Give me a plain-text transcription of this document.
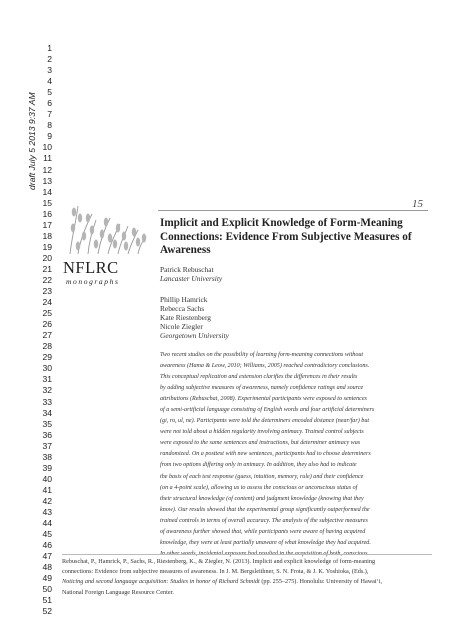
1
2
3
4
5
6
7
8
9
10
11
12
13
14
15
16
17
18
19
20
21
22
23
24
25
26
27
28
29
30
31
32
33
34
35
36
37
38
39
40
41
42
43
44
45
46
47
48
49
50
51
52
draft July 5 2013 9:37 AM
15
Implicit and Explicit Knowledge of Form-Meaning Connections: Evidence From Subjective Measures of Awareness
Patrick Rebuschat
Lancaster University
Phillip Hamrick
Rebecca Sachs
Kate Riestenberg
Nicole Ziegler
Georgetown University
NFLRC
monographs
Two recent studies on the possibility of learning form-meaning connections without
awareness (Hama & Leow, 2010; Williams, 2005) reached contradictory conclusions.
This conceptual replication and extension clarifies the differences in their results
by adding subjective measures of awareness, namely confidence ratings and source
attributions (Rebuschat, 2008). Experimental participants were exposed to sentences
of a semi-artificial language consisting of English words and four artificial determiners
(gi, ro, ul, ne). Participants were told the determiners encoded distance (near/far) but
were not told about a hidden regularity involving animacy. Trained control subjects
were exposed to the same sentences and instructions, but determiner animacy was
randomized. On a posttest with new sentences, participants had to choose determiners
from two options differing only in animacy. In addition, they also had to indicate
the basis of each test response (guess, intuition, memory, rule) and their confidence
(on a 4-point scale), allowing us to assess the conscious or unconscious status of
their structural knowledge (of content) and judgment knowledge (knowing that they
know). Our results showed that the experimental group significantly outperformed the
trained controls in terms of overall accuracy. The analysis of the subjective measures
of awareness further showed that, while participants were aware of having acquired
knowledge, they were at least partially unaware of what knowledge they had acquired.
In other words, incidental exposure had resulted in the acquisition of both, conscious
Rebuschat, P., Hamrick, P., Sachs, R., Riestenberg, K., & Ziegler, N. (2013). Implicit and explicit knowledge of form-meaning
connections: Evidence from subjective measures of awareness. In J. M. Bergsleithner, S. N. Frota, & J. K. Yoshioka, (Eds.),
Noticing and second language acquisition: Studies in honor of Richard Schmidt (pp. 255–275). Honolulu: University of Hawai‘i,
National Foreign Language Resource Center.
